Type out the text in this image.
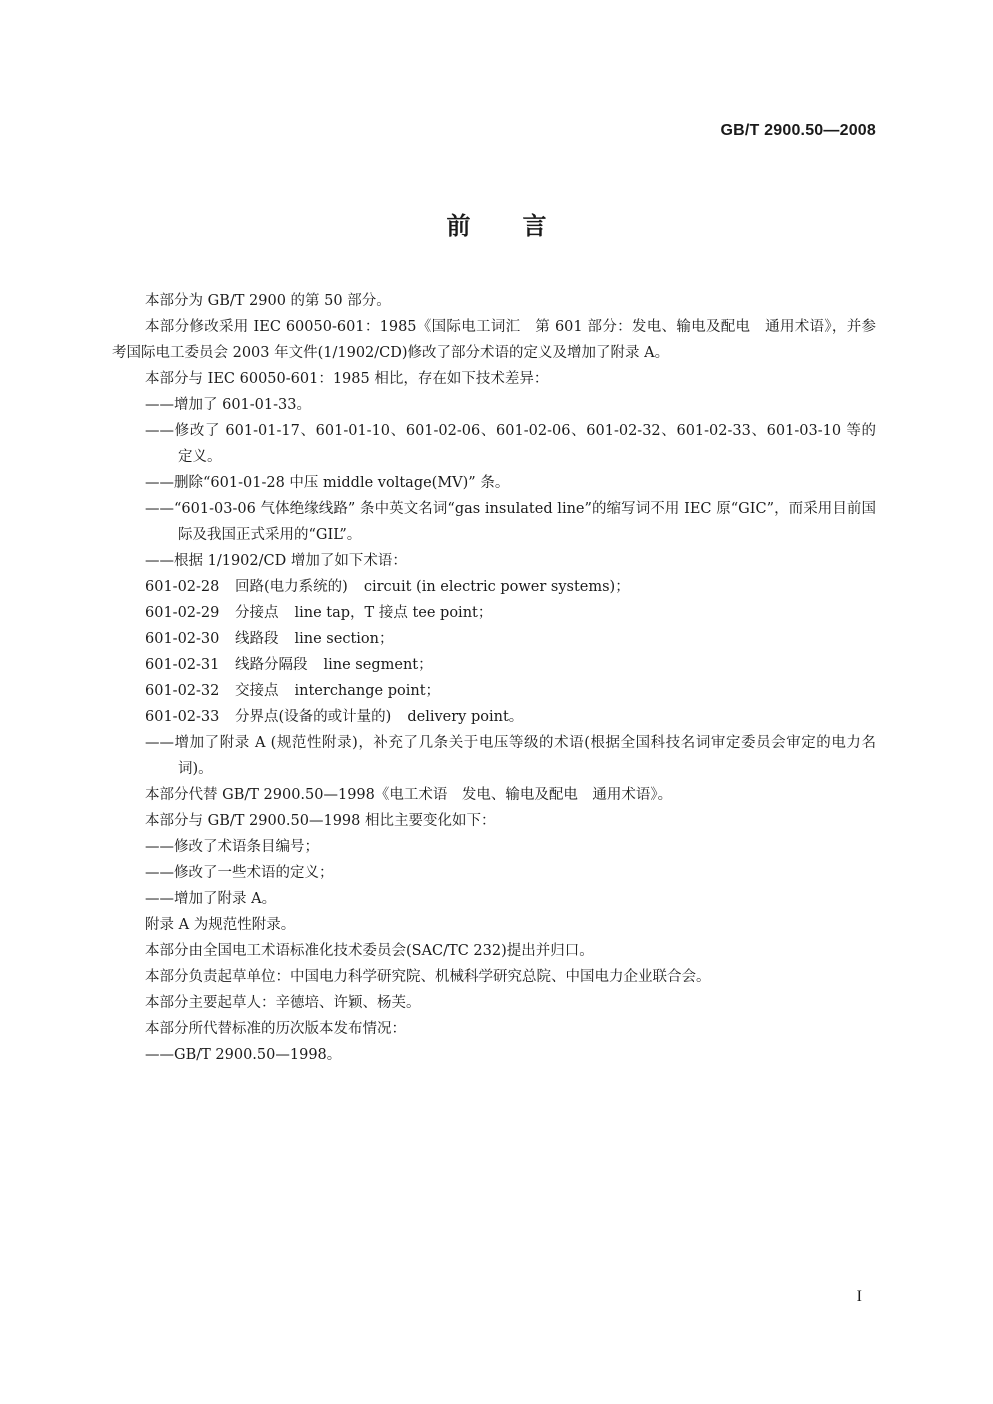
GB/T 2900.50—2008
前言

本部分为 GB/T 2900 的第 50 部分。

本部分修改采用 IEC 60050-601：1985《国际电工词汇　第 601 部分：发电、输电及配电　通用术语》，并参考国际电工委员会 2003 年文件(1/1902/CD)修改了部分术语的定义及增加了附录 A。

本部分与 IEC 60050-601：1985 相比，存在如下技术差异：

——增加了 601-01-33。

——修改了 601-01-17、601-01-10、601-02-06、601-02-06、601-02-32、601-02-33、601-03-10 等的定义。

——删除“601-01-28 中压 middle voltage(MV)” 条。

——“601-03-06 气体绝缘线路” 条中英文名词“gas insulated line”的缩写词不用 IEC 原“GIC”，而采用目前国际及我国正式采用的“GIL”。

——根据 1/1902/CD 增加了如下术语：

601-02-28 回路(电力系统的) circuit (in electric power systems)；

601-02-29 分接点 line tap，T 接点 tee point；

601-02-30 线路段 line section；

601-02-31 线路分隔段 line segment；

601-02-32 交接点 interchange point；

601-02-33 分界点(设备的或计量的) delivery point。

——增加了附录 A (规范性附录)，补充了几条关于电压等级的术语(根据全国科技名词审定委员会审定的电力名词)。

本部分代替 GB/T 2900.50—1998《电工术语　发电、输电及配电　通用术语》。

本部分与 GB/T 2900.50—1998 相比主要变化如下：

——修改了术语条目编号；

——修改了一些术语的定义；

——增加了附录 A。

附录 A 为规范性附录。

本部分由全国电工术语标准化技术委员会(SAC/TC 232)提出并归口。

本部分负责起草单位：中国电力科学研究院、机械科学研究总院、中国电力企业联合会。

本部分主要起草人：辛德培、许颖、杨芙。

本部分所代替标准的历次版本发布情况：

——GB/T 2900.50—1998。

I
